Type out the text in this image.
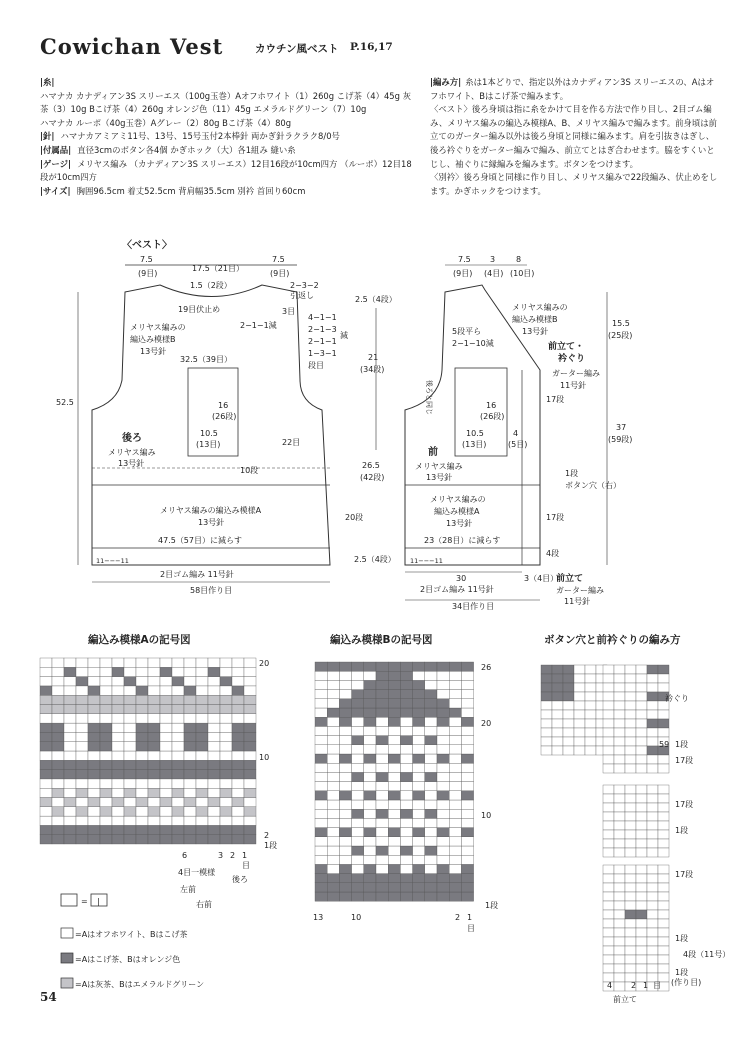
Cowichan Vest	カウチン風ベスト P.16,17
|糸|
ハマナカ カナディアン3S スリーエス（100g玉巻）Aオフホワイト（1）260g こげ茶（4）45g 灰茶（3）10g Bこげ茶（4）260g オレンジ色（11）45g エメラルドグリーン（7）10g
ハマナカ ルーポ（40g玉巻）Aグレー（2）80g Bこげ茶（4）80g
|針| ハマナカアミアミ11号、13号、15号玉付2本棒針 両かぎ針ラクラク8/0号
|付属品| 直径3cmのボタン各4個 かぎホック（大）各1組み 縫い糸
|ゲージ| メリヤス編み （カナディアン3S スリーエス）12目16段が10cm四方 （ルーポ）12目18段が10cm四方
|サイズ| 胸囲96.5cm 着丈52.5cm 背肩幅35.5cm 別衿 首回り60cm

|編み方| 糸は1本どりで、指定以外はカナディアン3S スリーエスの、Aはオフホワイト、Bはこげ茶で編みます。

〈ベスト〉後ろ身頃は指に糸をかけて目を作る方法で作り目し、2目ゴム編み、メリヤス編みの編込み模様A、B、メリヤス編みで編みます。前身頃は前立てのガーター編み以外は後ろ身頃と同様に編みます。肩を引抜きはぎし、後ろ衿ぐりをガーター編みで編み、前立てとはぎ合わせます。脇をすくいとじし、袖ぐりに縁編みを編みます。ボタンをつけます。

〈別衿〉後ろ身頃と同様に作り目し、メリヤス編みで22段編み、伏止めをします。かぎホックをつけます。

〈ベスト〉
7.5
(9目)
17.5（21目）
7.5
(9目)
1.5（2段）
19目伏止め
2−3−2
引返し
3目
2−1−1減
4−1−1
2−1−3
2−1−1
1−3−1
減
段目
メリヤス編みの
編込み模様B
13号針
32.5（39目）
16
(26段)
10.5
(13目)
10段
22目
後ろ
メリヤス編み
13号針
52.5
メリヤス編みの編込み模様A
13号針
47.5（57目）に減らす
11−−−11
2目ゴム編み 11号針
58目作り目
2.5（4段）
21
(34段)
26.5
(42段)
20段
2.5（4段）
7.5 3	8
(9目) (4目) (10目)
メリヤス編みの
編込み模様B
13号針
5段平ら
2−1−10減
後ろと同じ
前立て・
衿ぐり
ガーター編み
11号針
15.5
(25段)
37
(59段)
17段
16
(26段)
10.5
(13目)
4
(5目)
前
メリヤス編み
13号針	1段
ボタン穴（右）
17段
4段
メリヤス編みの
編込み模様A
13号針
23（28目）に減らす
11−−−11
30	3（4目）
2目ゴム編み 11号針
前立て
ガーター編み
11号針
34目作り目
編込み模様Aの記号図	編込み模様Bの記号図	ボタン穴と前衿ぐりの編み方
20
10
2
1段
6	3 2 1
目
4目一模様
左前
後ろ
右前
26
20
10
1段
13	10	2 1
目
衿ぐり
59 1段
17段
17段
1段
17段
1段
4段（11号）
1段
(作り目)
4 2 1 目
前立て
= |
=Aはオフホワイト、Bはこげ茶
=Aはこげ茶、Bはオレンジ色
=Aは灰茶、Bはエメラルドグリーン
54
